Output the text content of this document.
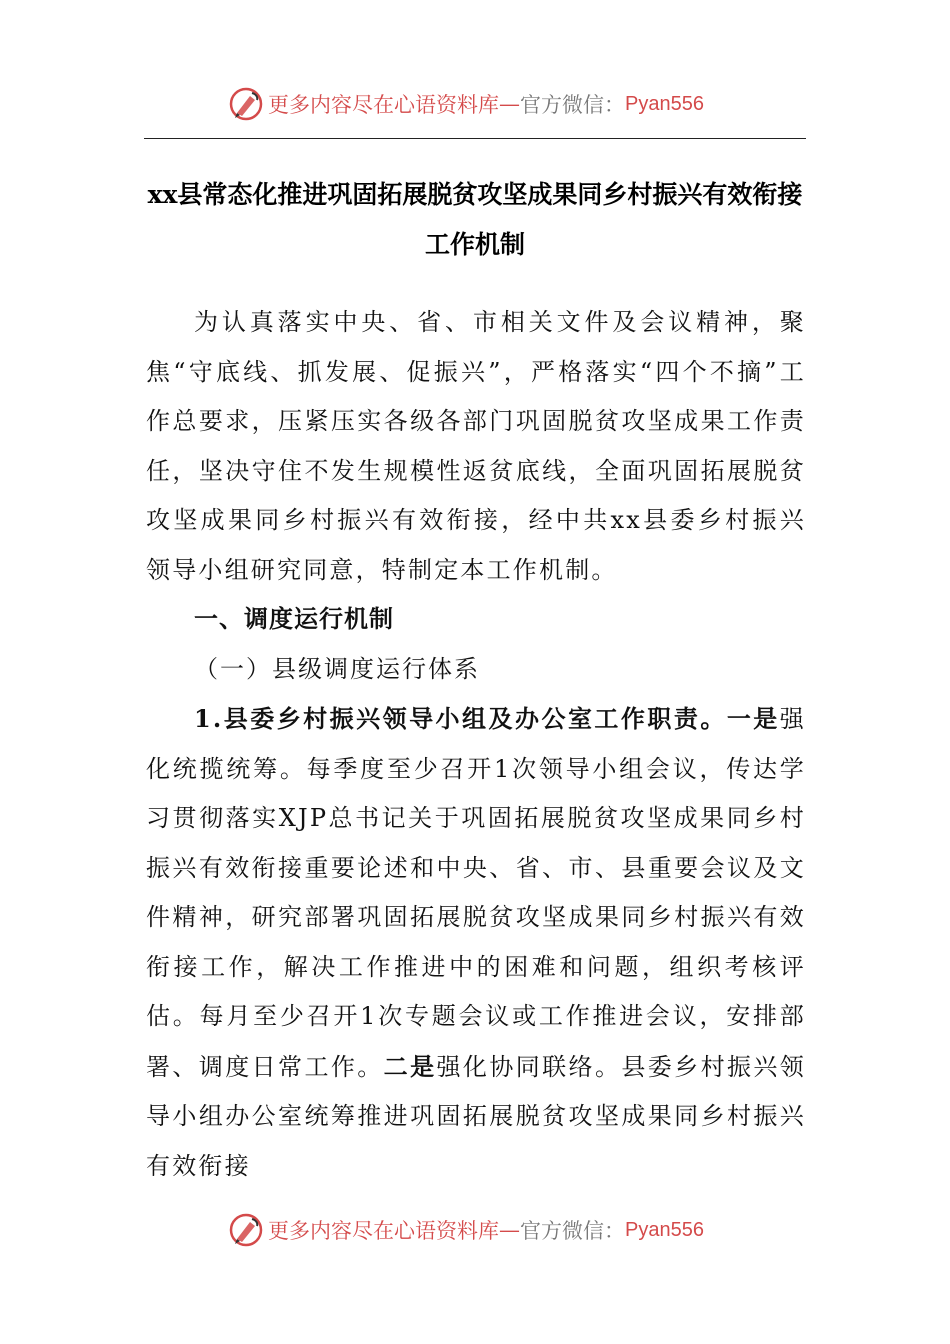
更多内容尽在心语资料库 — 官方微信： Pyan556
xx县常态化推进巩固拓展脱贫攻坚成果同乡村振兴有效衔接工作机制

为认真落实中央、省、市相关文件及会议精神，聚焦“守底线、抓发展、促振兴”，严格落实“四个不摘”工作总要求，压紧压实各级各部门巩固脱贫攻坚成果工作责任，坚决守住不发生规模性返贫底线，全面巩固拓展脱贫攻坚成果同乡村振兴有效衔接，经中共xx县委乡村振兴领导小组研究同意，特制定本工作机制。

一、调度运行机制

（一）县级调度运行体系

1.县委乡村振兴领导小组及办公室工作职责。一是强化统揽统筹。每季度至少召开1次领导小组会议，传达学习贯彻落实XJP总书记关于巩固拓展脱贫攻坚成果同乡村振兴有效衔接重要论述和中央、省、市、县重要会议及文件精神，研究部署巩固拓展脱贫攻坚成果同乡村振兴有效衔接工作，解决工作推进中的困难和问题，组织考核评估。每月至少召开1次专题会议或工作推进会议，安排部署、调度日常工作。二是强化协同联络。县委乡村振兴领导小组办公室统筹推进巩固拓展脱贫攻坚成果同乡村振兴有效衔接

更多内容尽在心语资料库 — 官方微信： Pyan556
